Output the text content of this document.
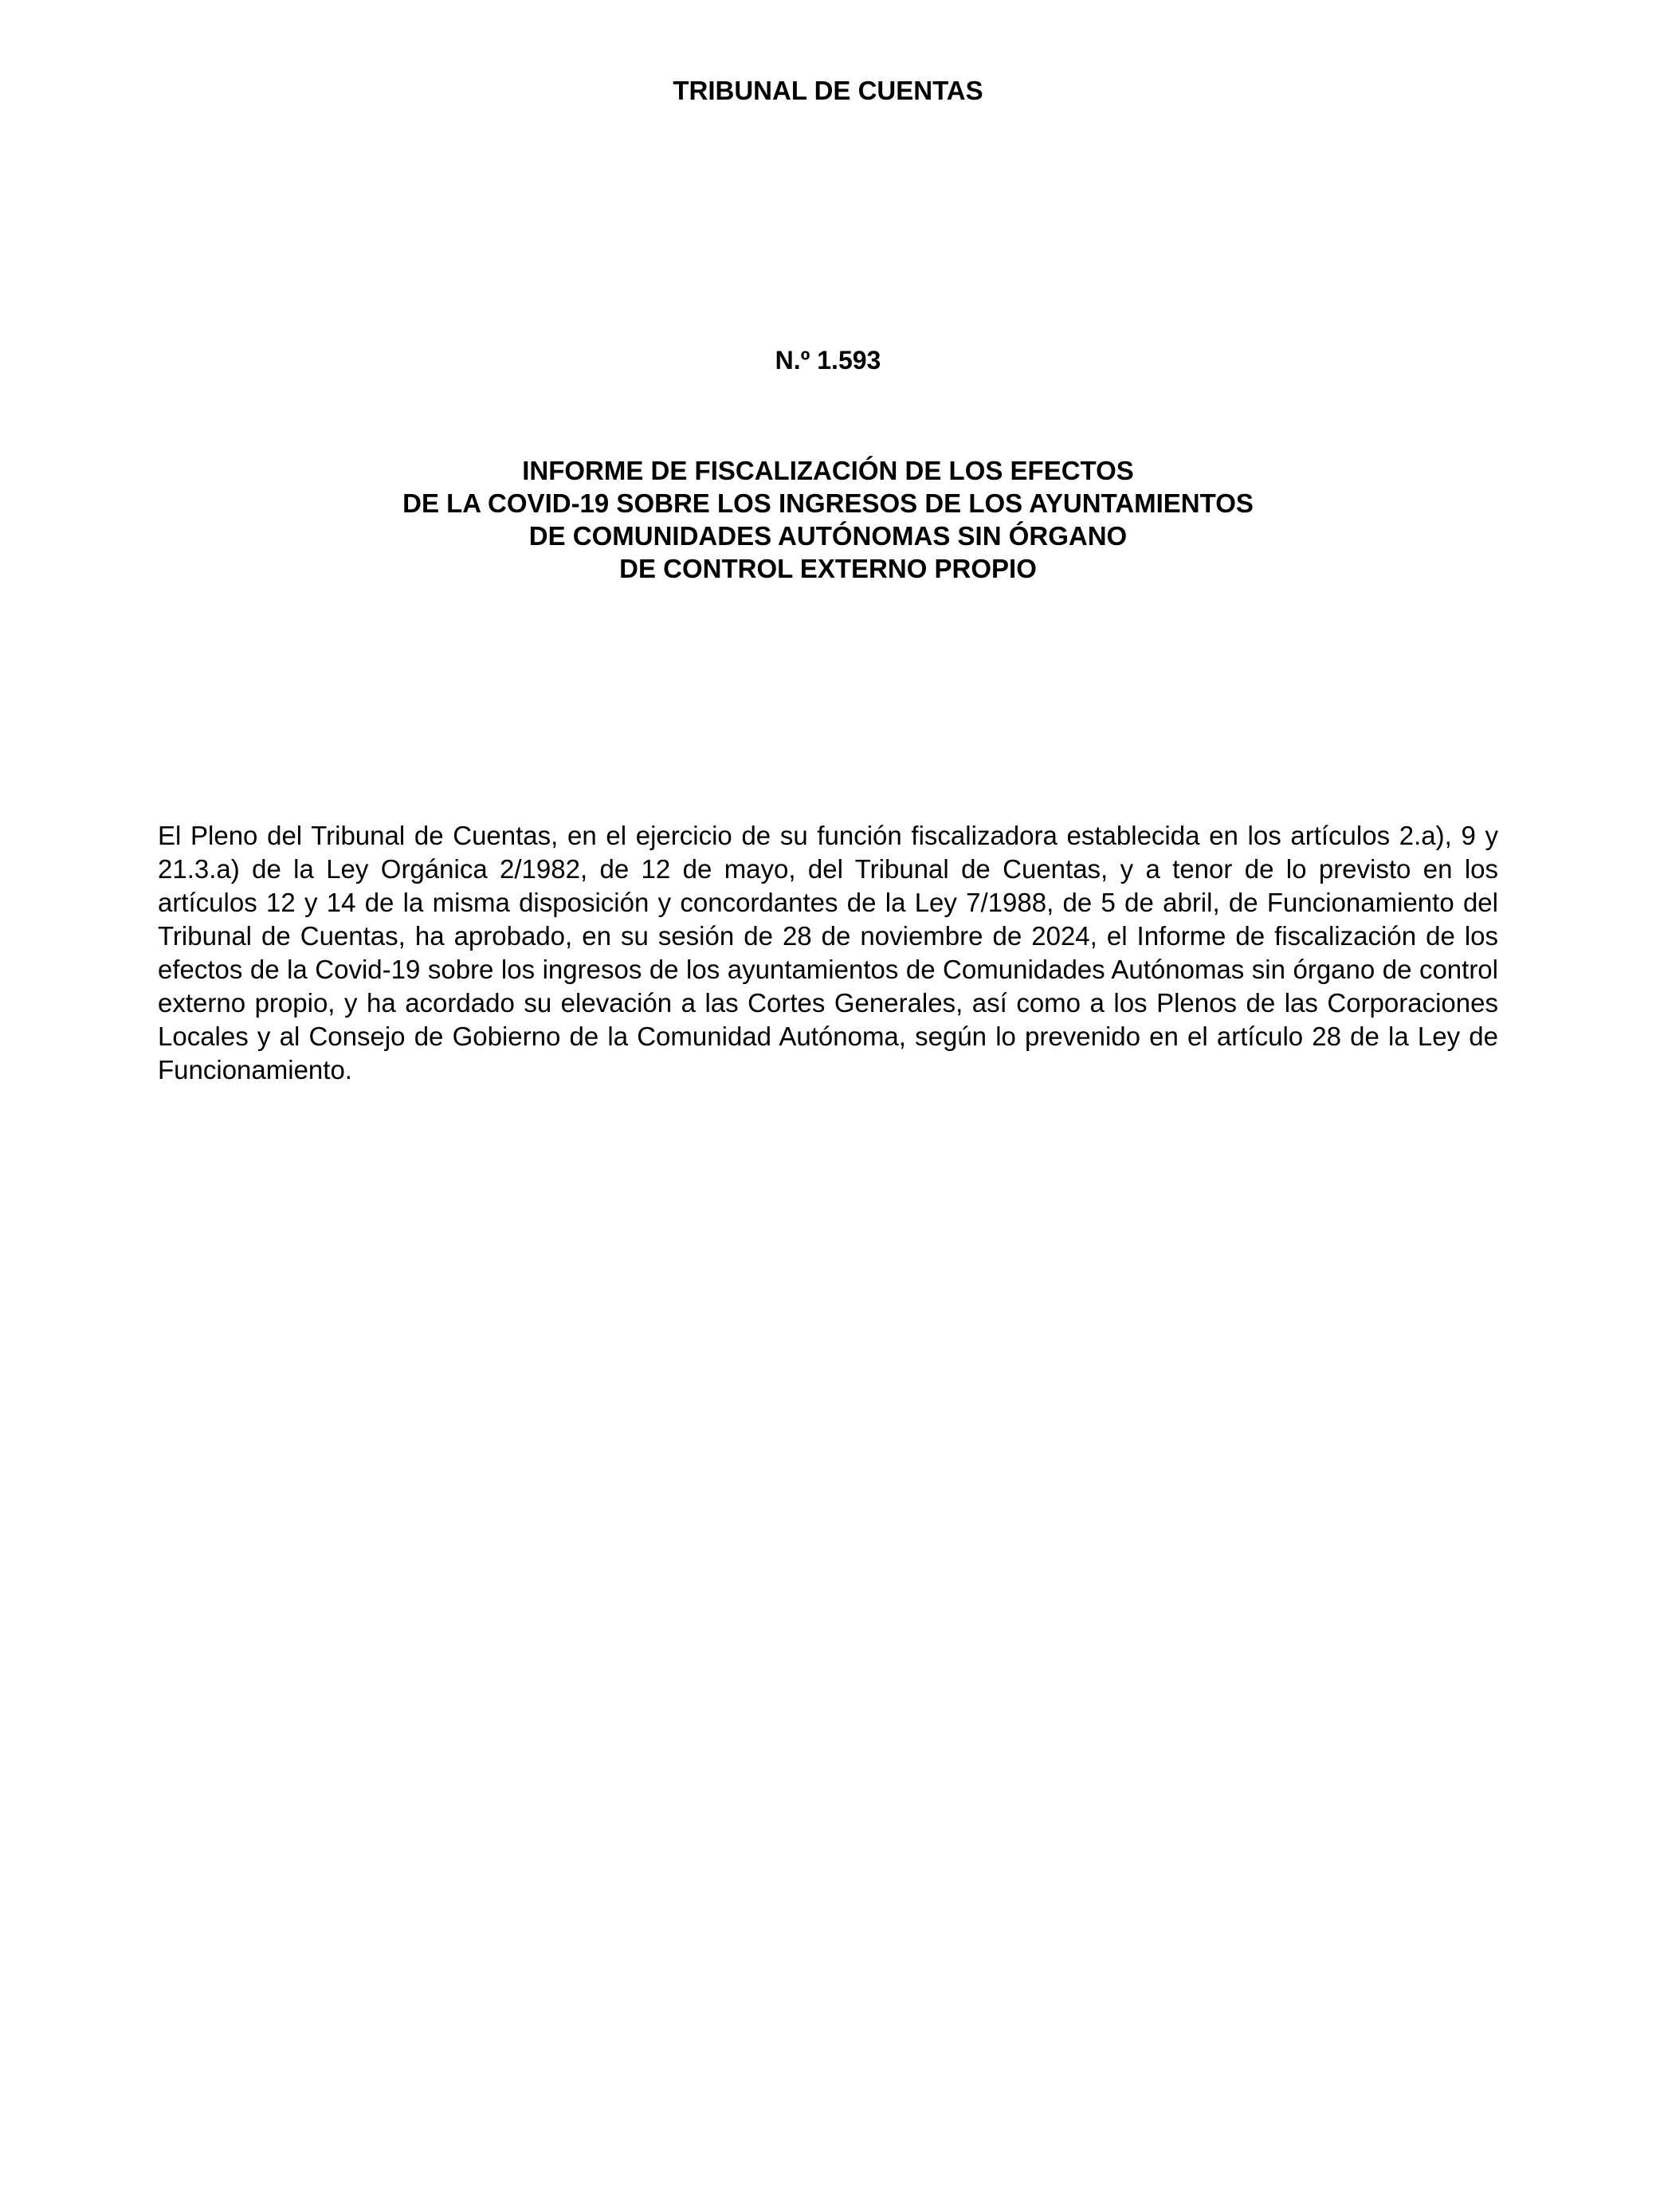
TRIBUNAL DE CUENTAS
N.º 1.593
INFORME DE FISCALIZACIÓN DE LOS EFECTOS
DE LA COVID-19 SOBRE LOS INGRESOS DE LOS AYUNTAMIENTOS
DE COMUNIDADES AUTÓNOMAS SIN ÓRGANO
DE CONTROL EXTERNO PROPIO

El Pleno del Tribunal de Cuentas, en el ejercicio de su función fiscalizadora establecida en los artículos 2.a), 9 y 21.3.a) de la Ley Orgánica 2/1982, de 12 de mayo, del Tribunal de Cuentas, y a tenor de lo previsto en los artículos 12 y 14 de la misma disposición y concordantes de la Ley 7/1988, de 5 de abril, de Funcionamiento del Tribunal de Cuentas, ha aprobado, en su sesión de 28 de noviembre de 2024, el Informe de fiscalización de los efectos de la Covid-19 sobre los ingresos de los ayuntamientos de Comunidades Autónomas sin órgano de control externo propio, y ha acordado su elevación a las Cortes Generales, así como a los Plenos de las Corporaciones Locales y al Consejo de Gobierno de la Comunidad Autónoma, según lo prevenido en el artículo 28 de la Ley de Funcionamiento.
